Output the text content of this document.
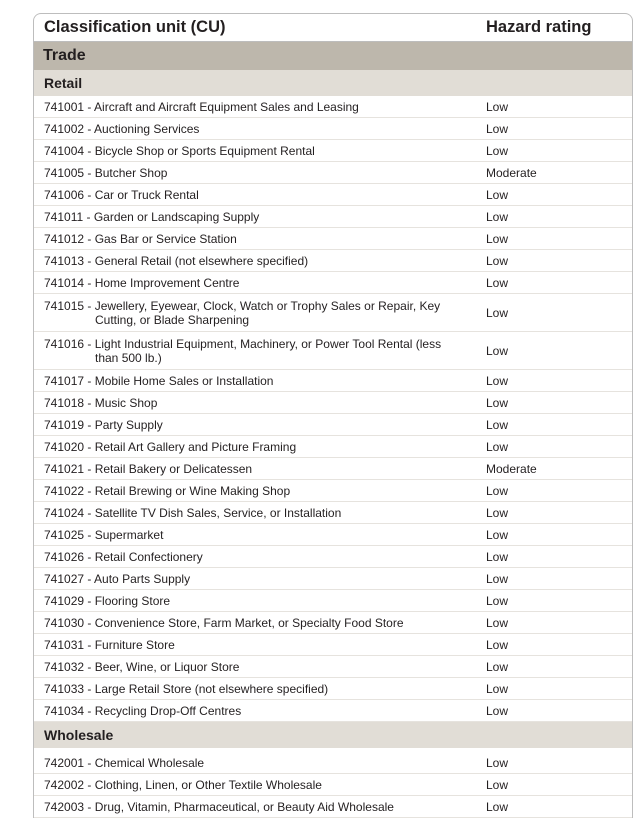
Classification unit (CU)	Hazard rating
Trade
Retail
741001 - Aircraft and Aircraft Equipment Sales and Leasing	Low
741002 - Auctioning Services	Low
741004 - Bicycle Shop or Sports Equipment Rental	Low
741005 - Butcher Shop	Moderate
741006 - Car or Truck Rental	Low
741011 - Garden or Landscaping Supply	Low
741012 - Gas Bar or Service Station	Low
741013 - General Retail (not elsewhere specified)	Low
741014 - Home Improvement Centre	Low
741015 - Jewellery, Eyewear, Clock, Watch or Trophy Sales or Repair, Key
Cutting, or Blade Sharpening	Low
741016 - Light Industrial Equipment, Machinery, or Power Tool Rental (less
than 500 lb.)	Low
741017 - Mobile Home Sales or Installation	Low
741018 - Music Shop	Low
741019 - Party Supply	Low
741020 - Retail Art Gallery and Picture Framing	Low
741021 - Retail Bakery or Delicatessen	Moderate
741022 - Retail Brewing or Wine Making Shop	Low
741024 - Satellite TV Dish Sales, Service, or Installation	Low
741025 - Supermarket	Low
741026 - Retail Confectionery	Low
741027 - Auto Parts Supply	Low
741029 - Flooring Store	Low
741030 - Convenience Store, Farm Market, or Specialty Food Store	Low
741031 - Furniture Store	Low
741032 - Beer, Wine, or Liquor Store	Low
741033 - Large Retail Store (not elsewhere specified)	Low
741034 - Recycling Drop-Off Centres	Low
Wholesale
742001 - Chemical Wholesale	Low
742002 - Clothing, Linen, or Other Textile Wholesale	Low
742003 - Drug, Vitamin, Pharmaceutical, or Beauty Aid Wholesale	Low
